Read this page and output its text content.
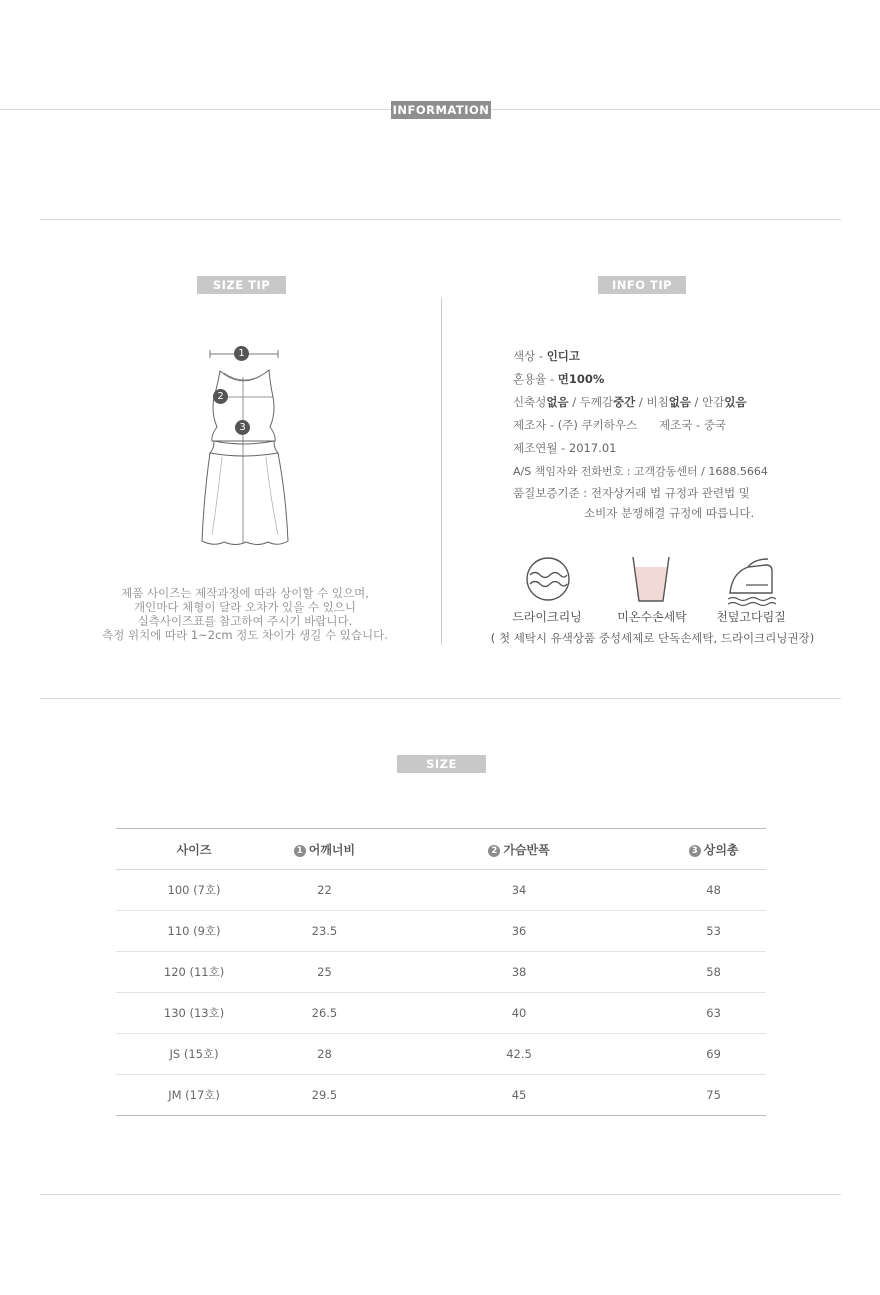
INFORMATION
SIZE TIP
1
2
3
제품 사이즈는 제작과정에 따라 상이할 수 있으며,
개인마다 체형이 달라 오차가 있을 수 있으니
실측사이즈표를 참고하여 주시기 바랍니다.
측정 위치에 따라 1~2cm 정도 차이가 생길 수 있습니다.
INFO TIP
색상 - 인디고
혼용율 - 면100%
신축성없음 / 두께감중간 / 비침없음 / 안감있음
제조자 - (주) 쿠키하우스      제조국 - 중국
제조연월 - 2017.01
A/S 책임자와 전화번호 : 고객감동센터 / 1688.5664
품질보증기준 : 전자상거래 법 규정과 관련법 및
소비자 분쟁해결 규정에 따릅니다.
드라이크리닝	미온수손세탁	천덮고다림질
( 첫 세탁시 유색상품 중성세제로 단독손세탁, 드라이크리닝권장)
SIZE
사이즈	1 어깨너비	2 가슴반폭	3 상의총
100 (7호)	22	34	48
110 (9호)	23.5	36	53
120 (11호)	25	38	58
130 (13호)	26.5	40	63
JS (15호)	28	42.5	69
JM (17호)	29.5	45	75
